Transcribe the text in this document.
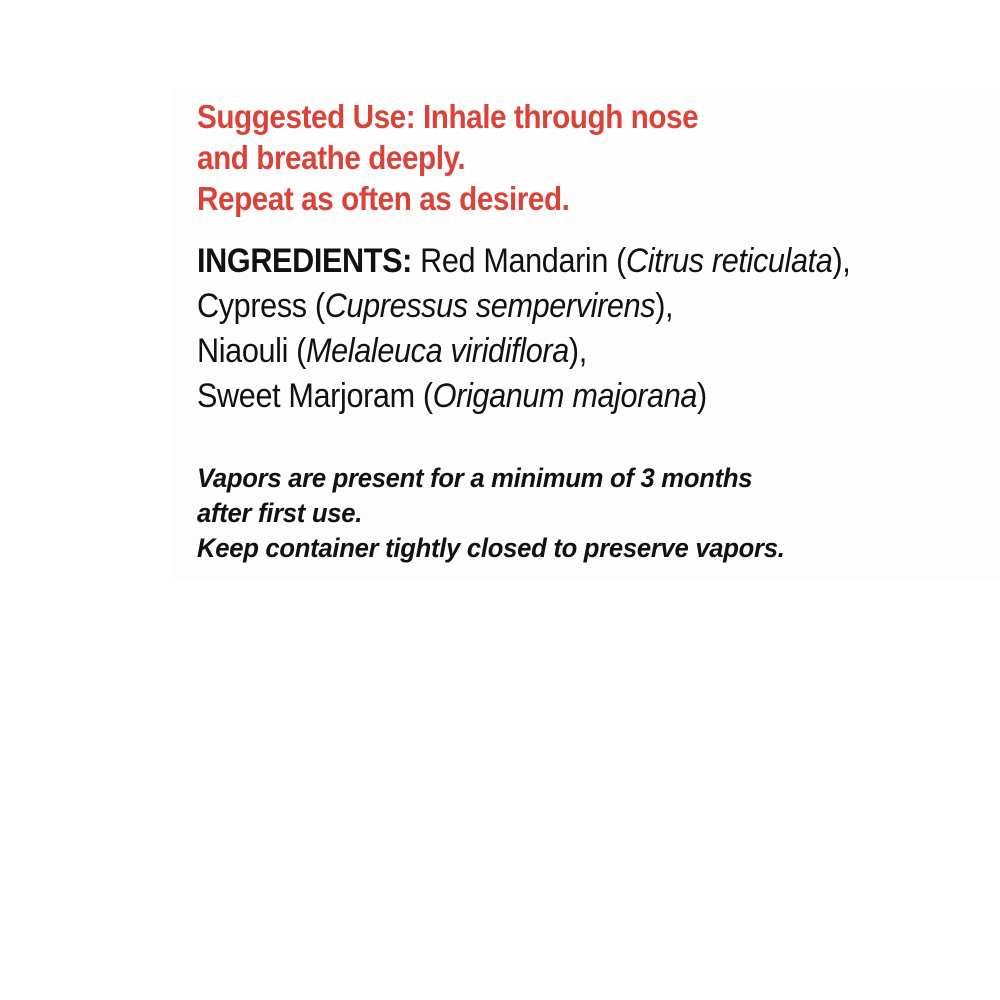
Suggested Use: Inhale through nose
and breathe deeply.
Repeat as often as desired.
INGREDIENTS: Red Mandarin (Citrus reticulata),
Cypress (Cupressus sempervirens),
Niaouli (Melaleuca viridiflora),
Sweet Marjoram (Origanum majorana)
Vapors are present for a minimum of 3 months
after first use.
Keep container tightly closed to preserve vapors.
